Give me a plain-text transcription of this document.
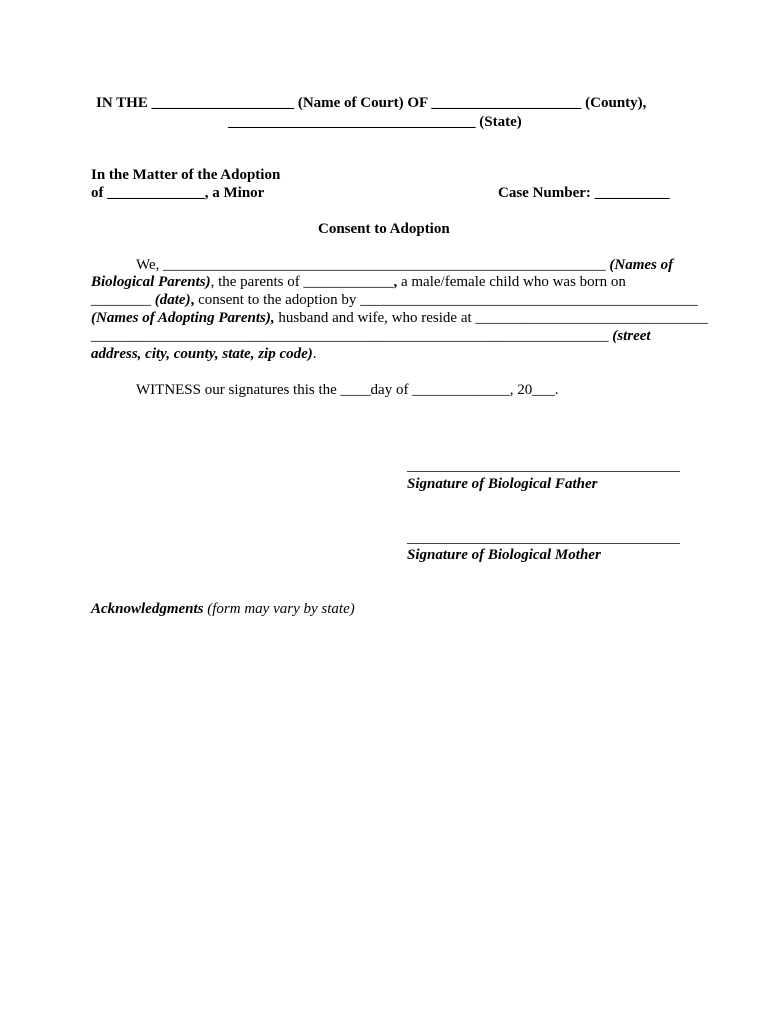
IN THE ___________________ (Name of Court) OF ____________________ (County),
_________________________________ (State)
In the Matter of the Adoption
of _____________, a Minor	Case Number: __________
Consent to Adoption
We, ___________________________________________________________ (Names of
Biological Parents), the parents of ____________, a male/female child who was born on
________ (date), consent to the adoption by _____________________________________________
(Names of Adopting Parents), husband and wife, who reside at _______________________________
_____________________________________________________________________ (street
address, city, county, state, zip code).
WITNESS our signatures this the ____day of _____________, 20___.
Signature of Biological Father
Signature of Biological Mother
Acknowledgments (form may vary by state)
